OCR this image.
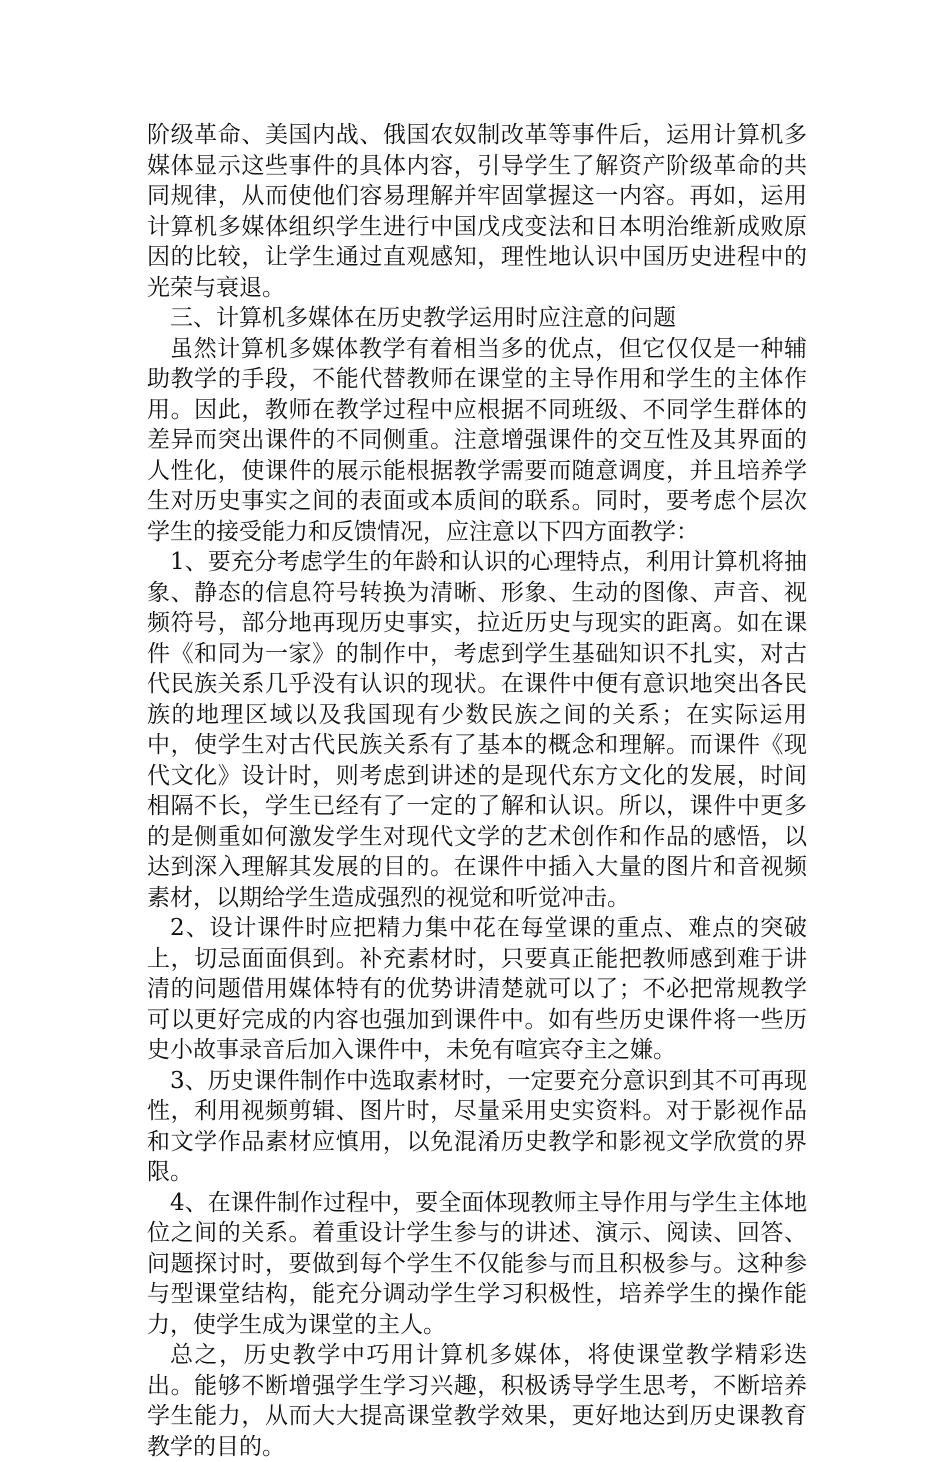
阶级革命、美国内战、俄国农奴制改革等事件后，运用计算机多媒体显示这些事件的具体内容，引导学生了解资产阶级革命的共同规律，从而使他们容易理解并牢固掌握这一内容。再如，运用计算机多媒体组织学生进行中国戊戌变法和日本明治维新成败原因的比较，让学生通过直观感知，理性地认识中国历史进程中的光荣与衰退。

三、计算机多媒体在历史教学运用时应注意的问题

虽然计算机多媒体教学有着相当多的优点，但它仅仅是一种辅助教学的手段，不能代替教师在课堂的主导作用和学生的主体作用。因此，教师在教学过程中应根据不同班级、不同学生群体的差异而突出课件的不同侧重。注意增强课件的交互性及其界面的人性化，使课件的展示能根据教学需要而随意调度，并且培养学生对历史事实之间的表面或本质间的联系。同时，要考虑个层次学生的接受能力和反馈情况，应注意以下四方面教学：

1、要充分考虑学生的年龄和认识的心理特点，利用计算机将抽象、静态的信息符号转换为清晰、形象、生动的图像、声音、视频符号，部分地再现历史事实，拉近历史与现实的距离。如在课件《和同为一家》的制作中，考虑到学生基础知识不扎实，对古代民族关系几乎没有认识的现状。在课件中便有意识地突出各民族的地理区域以及我国现有少数民族之间的关系；在实际运用中，使学生对古代民族关系有了基本的概念和理解。而课件《现代文化》设计时，则考虑到讲述的是现代东方文化的发展，时间相隔不长，学生已经有了一定的了解和认识。所以，课件中更多的是侧重如何激发学生对现代文学的艺术创作和作品的感悟，以达到深入理解其发展的目的。在课件中插入大量的图片和音视频素材，以期给学生造成强烈的视觉和听觉冲击。

2、设计课件时应把精力集中花在每堂课的重点、难点的突破上，切忌面面俱到。补充素材时，只要真正能把教师感到难于讲清的问题借用媒体特有的优势讲清楚就可以了；不必把常规教学可以更好完成的内容也强加到课件中。如有些历史课件将一些历史小故事录音后加入课件中，未免有喧宾夺主之嫌。

3、历史课件制作中选取素材时，一定要充分意识到其不可再现性，利用视频剪辑、图片时，尽量采用史实资料。对于影视作品和文学作品素材应慎用，以免混淆历史教学和影视文学欣赏的界限。

4、在课件制作过程中，要全面体现教师主导作用与学生主体地位之间的关系。着重设计学生参与的讲述、演示、阅读、回答、问题探讨时，要做到每个学生不仅能参与而且积极参与。这种参与型课堂结构，能充分调动学生学习积极性，培养学生的操作能力，使学生成为课堂的主人。

总之，历史教学中巧用计算机多媒体，将使课堂教学精彩迭出。能够不断增强学生学习兴趣，积极诱导学生思考，不断培养学生能力，从而大大提高课堂教学效果，更好地达到历史课教育教学的目的。
